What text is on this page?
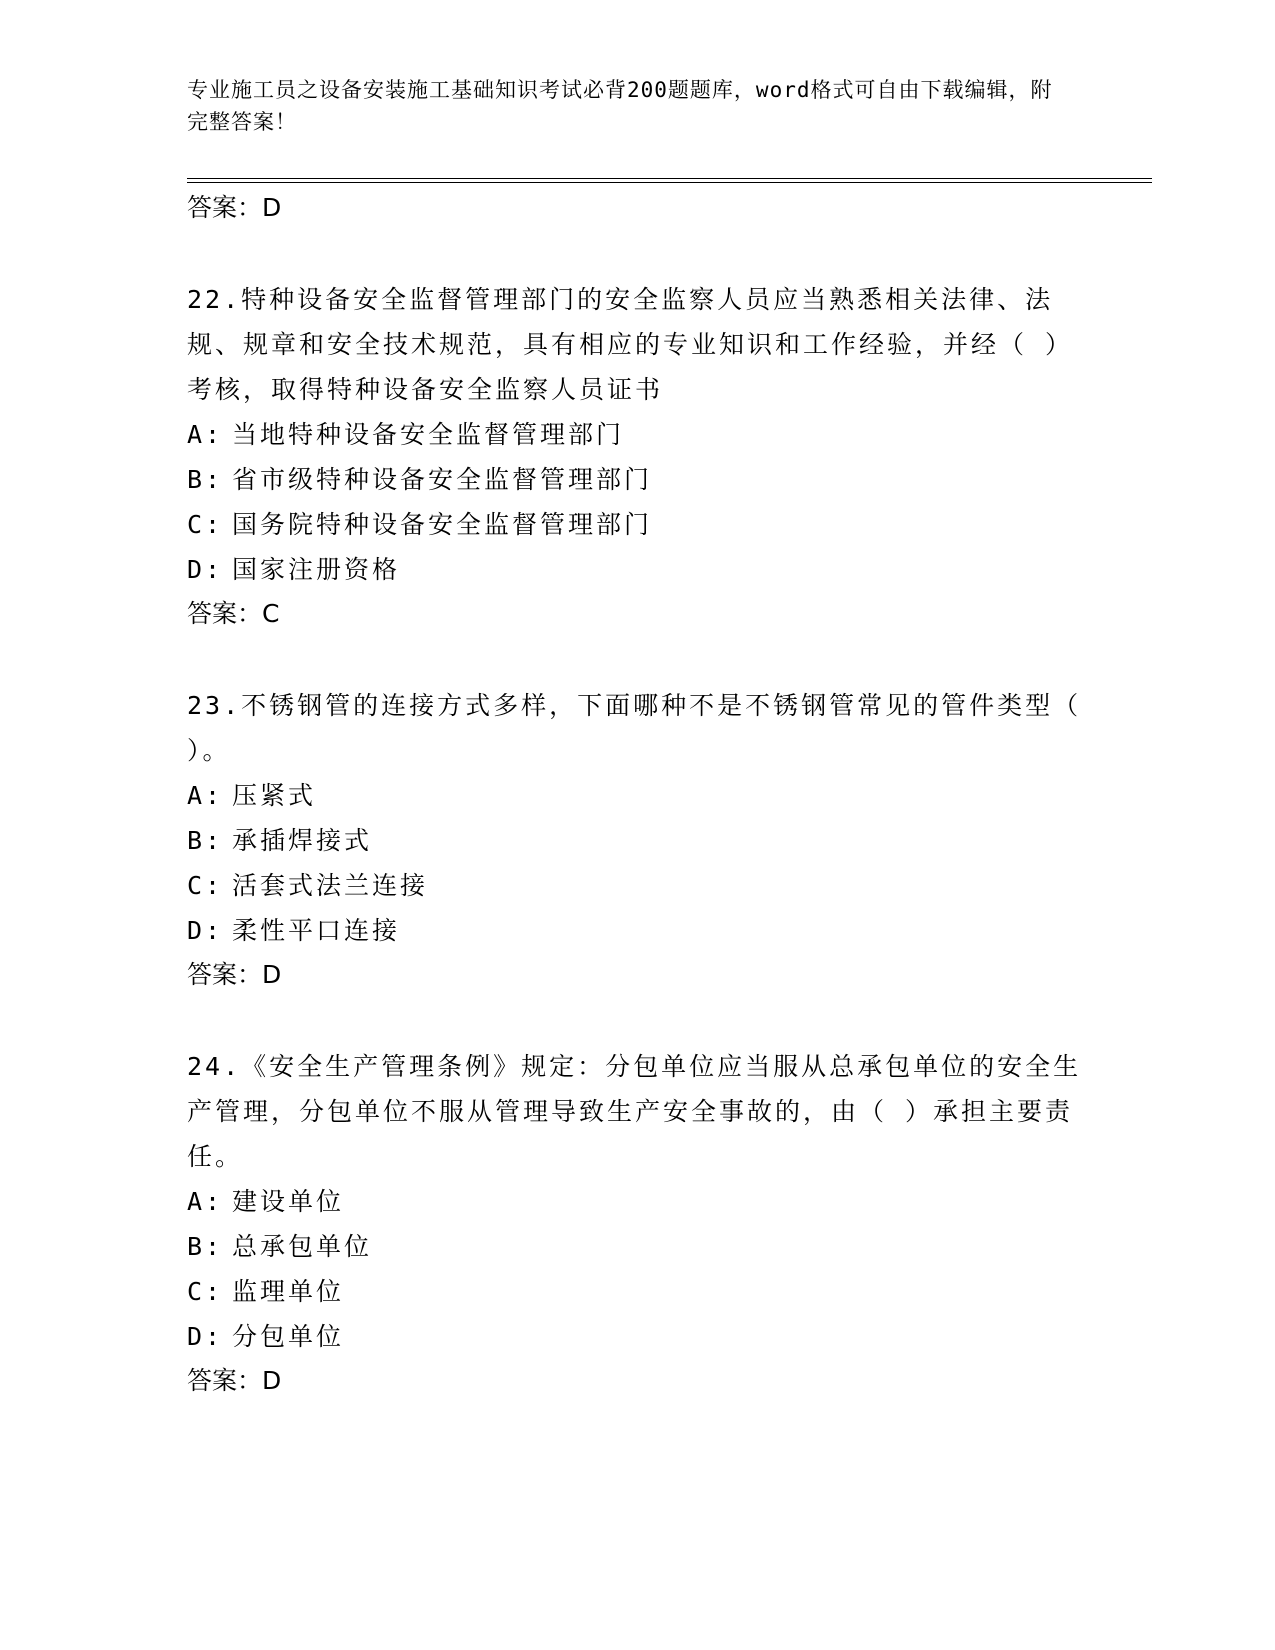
专业施工员之设备安装施工基础知识考试必背200题题库，word格式可自由下载编辑，附完整答案！
答案：D
22.特种设备安全监督管理部门的安全监察人员应当熟悉相关法律、法规、规章和安全技术规范，具有相应的专业知识和工作经验，并经（ ）考核，取得特种设备安全监察人员证书
A: 当地特种设备安全监督管理部门
B: 省市级特种设备安全监督管理部门
C: 国务院特种设备安全监督管理部门
D: 国家注册资格
答案：C
23.不锈钢管的连接方式多样，下面哪种不是不锈钢管常见的管件类型（ ）。
A: 压紧式
B: 承插焊接式
C: 活套式法兰连接
D: 柔性平口连接
答案：D
24.《安全生产管理条例》规定：分包单位应当服从总承包单位的安全生产管理，分包单位不服从管理导致生产安全事故的，由（ ）承担主要责任。
A: 建设单位
B: 总承包单位
C: 监理单位
D: 分包单位
答案：D
